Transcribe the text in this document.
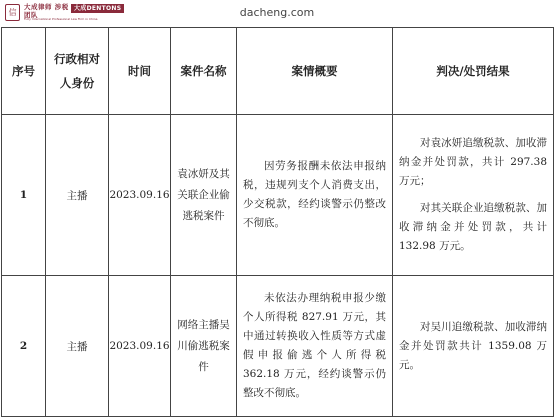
信
大成律师 涉税团队
大成DENTONS
Fully International Professional Law Firm in China	dacheng.com
序号	行政相对人身份	时间	案件名称	案情概要	判决/处罚结果
1	主播	2023.09.16	袁冰妍及其关联企业偷逃税案件	因劳务报酬未依法申报纳税，违规列支个人消费支出，少交税款，经约谈警示仍整改不彻底。	对袁冰妍追缴税款、加收滞纳金并处罚款，共计 297.38 万元；
对其关联企业追缴税款、加收滞纳金并处罚款，共计 132.98 万元。

2	主播	2023.09.16	网络主播吴川偷逃税案件	未依法办理纳税申报少缴个人所得税 827.91 万元，其中通过转换收入性质等方式虚假申报偷逃个人所得税 362.18 万元，经约谈警示仍整改不彻底。	对吴川追缴税款、加收滞纳金并处罚款共计 1359.08 万元。
